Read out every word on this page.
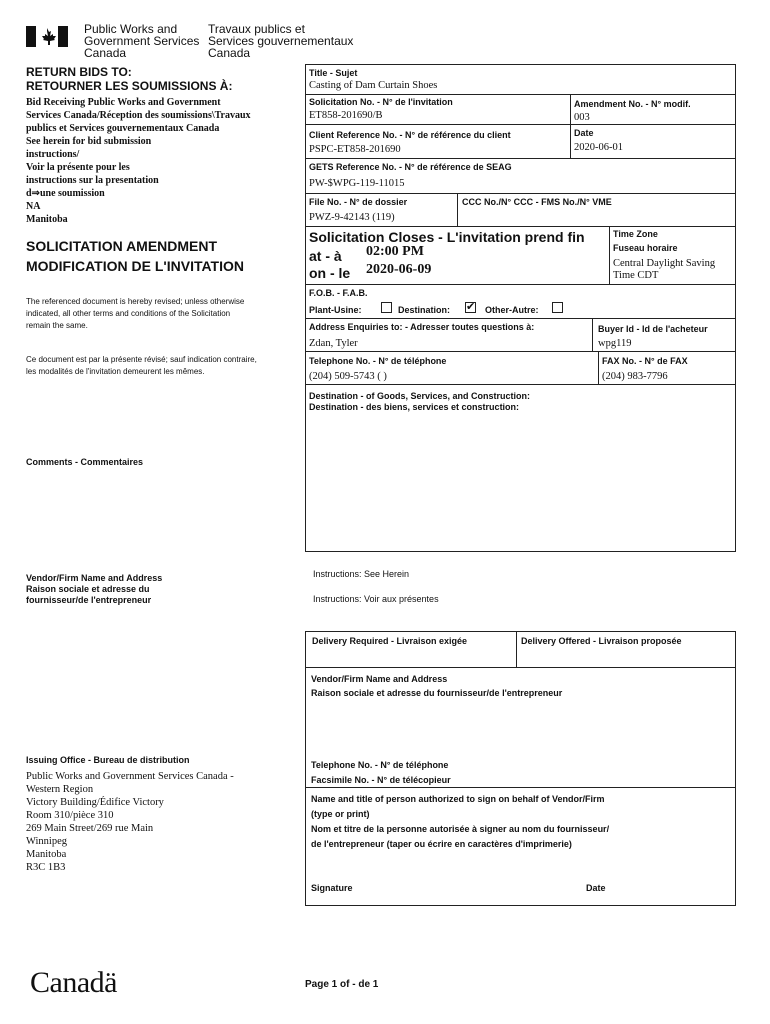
Public Works and
Government Services
Canada
Travaux publics et
Services gouvernementaux
Canada
RETURN BIDS TO:
RETOURNER LES SOUMISSIONS À:
Bid Receiving Public Works and Government
Services Canada/Réception des soumissions\Travaux
publics et Services gouvernementaux Canada
See herein for bid submission
instructions/
Voir la présente pour les
instructions sur la presentation
d⇒une soumission
NA
Manitoba
SOLICITATION AMENDMENT
MODIFICATION DE L'INVITATION
The referenced document is hereby revised; unless otherwise
indicated, all other terms and conditions of the Solicitation
remain the same.
Ce document est par la présente révisé; sauf indication contraire,
les modalités de l'invitation demeurent les mêmes.
Comments - Commentaires
Vendor/Firm Name and Address
Raison sociale et adresse du
fournisseur/de l'entrepreneur
Issuing Office - Bureau de distribution
Public Works and Government Services Canada -
Western Region
Victory Building/Édifice Victory
Room 310/pièce 310
269 Main Street/269 rue Main
Winnipeg
Manitoba
R3C 1B3
Title - Sujet
Casting of Dam Curtain Shoes
Solicitation No. - N° de l'invitation
ET858-201690/B
Amendment No. - N° modif.
003
Client Reference No. - N° de référence du client
PSPC-ET858-201690
Date
2020-06-01
GETS Reference No. - N° de référence de SEAG
PW-$WPG-119-11015
File No. - N° de dossier
PWZ-9-42143 (119)
CCC No./N° CCC - FMS No./N° VME
Solicitation Closes - L'invitation prend fin
at - à 02:00 PM
on - le 2020-06-09
Time Zone
Fuseau horaire
Central Daylight Saving
Time CDT
F.O.B. - F.A.B.
Plant-Usine:	Destination:
✔	Other-Autre:
Address Enquiries to: - Adresser toutes questions à:
Zdan, Tyler
Buyer Id - Id de l'acheteur
wpg119
Telephone No. - N° de téléphone
(204) 509-5743 ( )
FAX No. - N° de FAX
(204) 983-7796
Destination - of Goods, Services, and Construction:
Destination - des biens, services et construction:
Instructions: See Herein
Instructions: Voir aux présentes
Delivery Required - Livraison exigée	Delivery Offered - Livraison proposée
Vendor/Firm Name and Address
Raison sociale et adresse du fournisseur/de l'entrepreneur
Telephone No. - N° de téléphone
Facsimile No. - N° de télécopieur
Name and title of person authorized to sign on behalf of Vendor/Firm
(type or print)
Nom et titre de la personne autorisée à signer au nom du fournisseur/
de l'entrepreneur (taper ou écrire en caractères d'imprimerie)
Signature	Date
Canadä	Page 1 of - de 1
